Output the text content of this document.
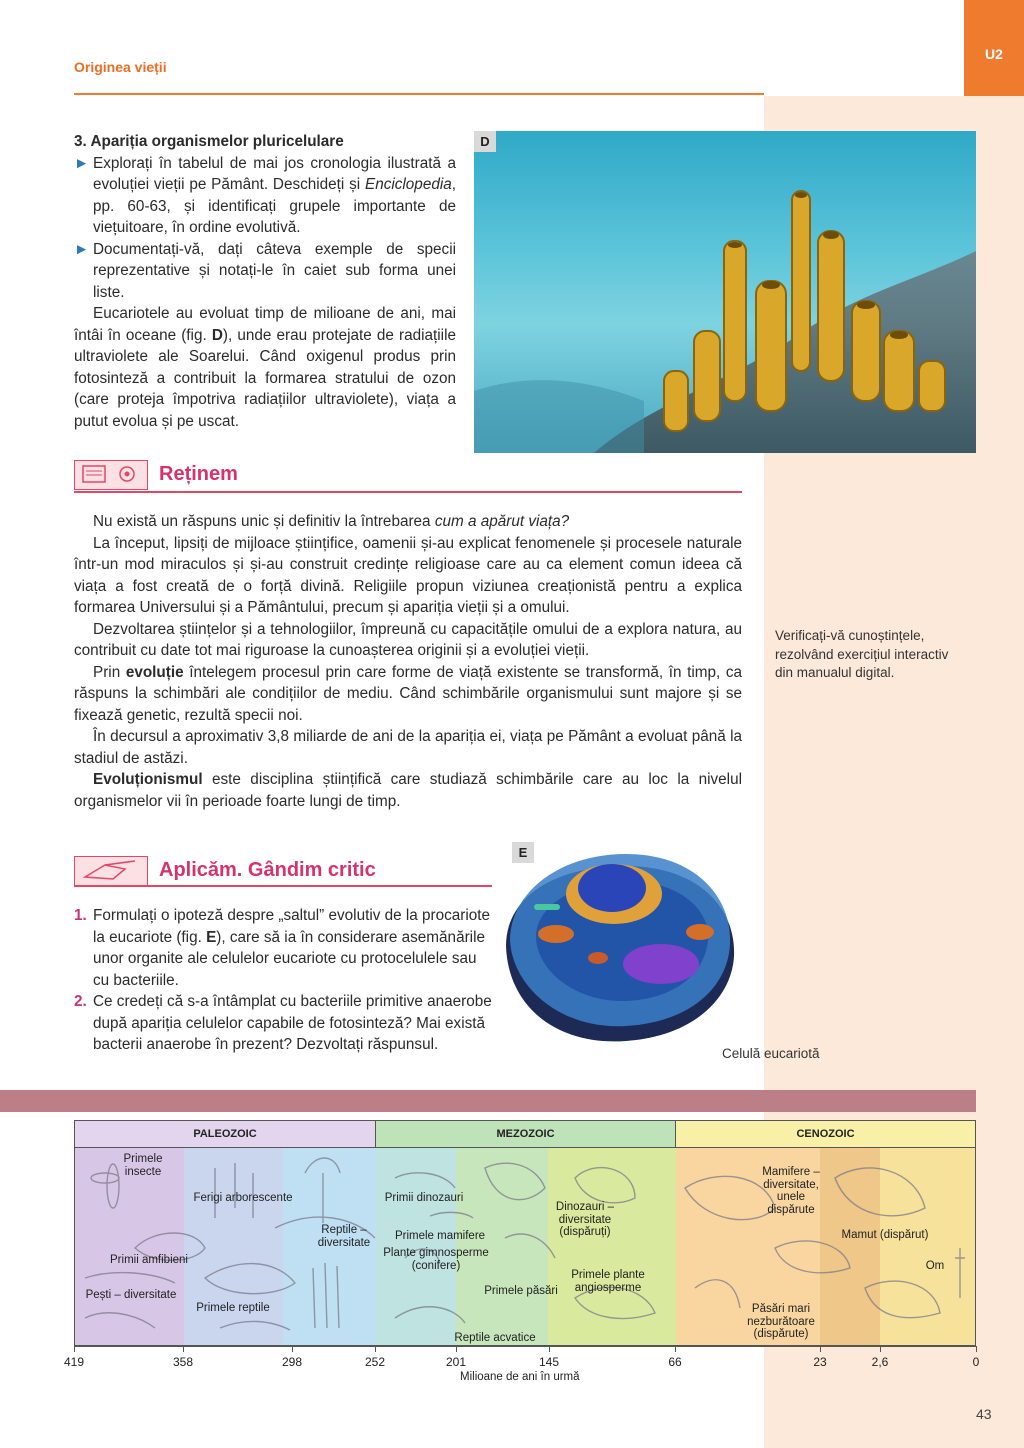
U2
Originea vieții

3. Apariția organismelor pluricelulare

► Explorați în tabelul de mai jos cronologia ilustrată a evoluției vieții pe Pământ. Deschideți și Enciclopedia, pp. 60-63, și identificați grupele importante de viețuitoare, în ordine evolutivă.

► Documentați-vă, dați câteva exemple de specii reprezentative și notați-le în caiet sub forma unei liste.

Eucariotele au evoluat timp de milioane de ani, mai întâi în oceane (fig. D), unde erau protejate de radiațiile ultraviolete ale Soarelui. Când oxigenul produs prin fotosinteză a contribuit la formarea stratului de ozon (care proteja împotriva radiațiilor ultraviolete), viața a putut evolua și pe uscat.

D
Reținem

Nu există un răspuns unic și definitiv la întrebarea cum a apărut viața?

La început, lipsiți de mijloace științifice, oamenii și-au explicat fenomenele și procesele naturale într-un mod miraculos și și-au construit credințe religioase care au ca element comun ideea că viața a fost creată de o forță divină. Religiile propun viziunea creaționistă pentru a explica formarea Universului și a Pământului, precum și apariția vieții și a omului.

Dezvoltarea științelor și a tehnologiilor, împreună cu capacitățile omului de a explora natura, au contribuit cu date tot mai riguroase la cunoașterea originii și a evoluției vieții.

Prin evoluție întelegem procesul prin care forme de viață existente se transformă, în timp, ca răspuns la schimbări ale condițiilor de mediu. Când schimbările organismului sunt majore și se fixează genetic, rezultă specii noi.

În decursul a aproximativ 3,8 miliarde de ani de la apariția ei, viața pe Pământ a evoluat până la stadiul de astăzi.

Evoluționismul este disciplina științifică care studiază schimbările care au loc la nivelul organismelor vii în perioade foarte lungi de timp.

Verificați-vă cunoștințele, rezolvând exercițiul interactiv din manualul digital.
Aplicăm. Gândim critic

1. Formulați o ipoteză despre „saltul” evolutiv de la procariote la eucariote (fig. E), care să ia în considerare asemănările unor organite ale celulelor eucariote cu protocelulele sau cu bacteriile.

2. Ce credeți că s-a întâmplat cu bacteriile primitive anaerobe după apariția celulelor capabile de fotosinteză? Mai există bacterii anaerobe în prezent? Dezvoltați răspunsul.

E
Celulă eucariotă
PALEOZOIC	MEZOZOIC	CENOZOIC
Primele insecte
Ferigi arborescente
Reptile – diversitate
Primii amfibieni
Pești – diversitate
Primele reptile
Primii dinozauri
Primele mamifere
Plante gimnosperme (conifere)
Dinozauri – diversitate (dispăruți)
Primele păsări
Primele plante angiosperme
Reptile acvatice
Mamifere – diversitate, unele dispărute
Mamut (dispărut)
Om
Păsări mari nezburătoare (dispărute)
419	358	298	252	201	145	66	23	2,6	0
Milioane de ani în urmă
43
